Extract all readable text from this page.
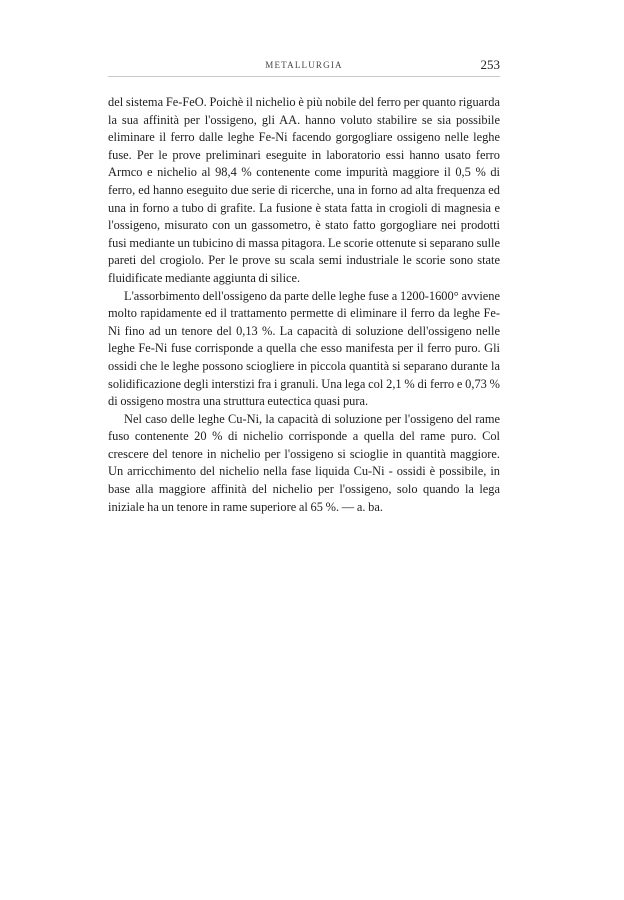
METALLURGIA	253

del sistema Fe-FeO. Poichè il nichelio è più nobile del ferro per quanto riguarda la sua affinità per l'ossigeno, gli AA. hanno voluto stabilire se sia possibile eliminare il ferro dalle leghe Fe-Ni facendo gorgogliare ossigeno nelle leghe fuse. Per le prove preliminari eseguite in laboratorio essi hanno usato ferro Armco e nichelio al 98,4 % contenente come impurità maggiore il 0,5 % di ferro, ed hanno eseguito due serie di ricerche, una in forno ad alta frequenza ed una in forno a tubo di grafite. La fusione è stata fatta in crogioli di magnesia e l'ossigeno, misurato con un gassometro, è stato fatto gorgogliare nei prodotti fusi mediante un tubicino di massa pitagora. Le scorie ottenute si separano sulle pareti del crogiolo. Per le prove su scala semi industriale le scorie sono state fluidificate mediante aggiunta di silice.

L'assorbimento dell'ossigeno da parte delle leghe fuse a 1200-1600° avviene molto rapidamente ed il trattamento permette di eliminare il ferro da leghe Fe-Ni fino ad un tenore del 0,13 %. La capacità di soluzione dell'ossigeno nelle leghe Fe-Ni fuse corrisponde a quella che esso manifesta per il ferro puro. Gli ossidi che le leghe possono sciogliere in piccola quantità si separano durante la solidificazione degli interstizi fra i granuli. Una lega col 2,1 % di ferro e 0,73 % di ossigeno mostra una struttura eutectica quasi pura.

Nel caso delle leghe Cu-Ni, la capacità di soluzione per l'ossigeno del rame fuso contenente 20 % di nichelio corrisponde a quella del rame puro. Col crescere del tenore in nichelio per l'ossigeno si scioglie in quantità maggiore. Un arricchimento del nichelio nella fase liquida Cu-Ni - ossidi è possibile, in base alla maggiore affinità del nichelio per l'ossigeno, solo quando la lega iniziale ha un tenore in rame superiore al 65 %. — a. ba.
